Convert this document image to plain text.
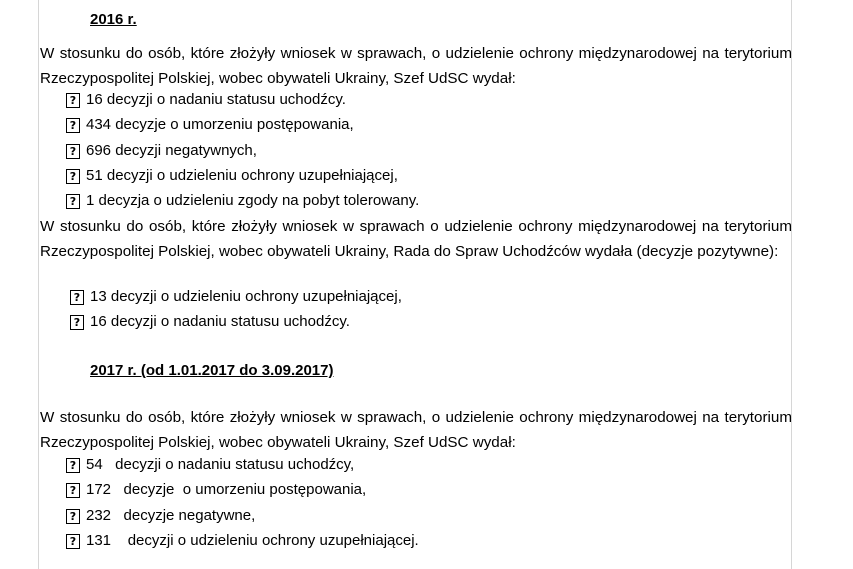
2016 r.
W stosunku do osób, które złożyły wniosek w sprawach, o udzielenie ochrony międzynarodowej na terytorium Rzeczypospolitej Polskiej, wobec obywateli Ukrainy, Szef UdSC wydał:
? 16 decyzji o nadaniu statusu uchodźcy.
? 434 decyzje o umorzeniu postępowania,
? 696 decyzji negatywnych,
? 51 decyzji o udzieleniu ochrony uzupełniającej,
? 1 decyzja o udzieleniu zgody na pobyt tolerowany.
W stosunku do osób, które złożyły wniosek w sprawach o udzielenie ochrony międzynarodowej na terytorium Rzeczypospolitej Polskiej, wobec obywateli Ukrainy, Rada do Spraw Uchodźców wydała (decyzje pozytywne):
? 13 decyzji o udzieleniu ochrony uzupełniającej,
? 16 decyzji o nadaniu statusu uchodźcy.
2017 r. (od 1.01.2017 do 3.09.2017)
W stosunku do osób, które złożyły wniosek w sprawach, o udzielenie ochrony międzynarodowej na terytorium Rzeczypospolitej Polskiej, wobec obywateli Ukrainy, Szef UdSC wydał:
? 54   decyzji o nadaniu statusu uchodźcy,
? 172   decyzje  o umorzeniu postępowania,
? 232   decyzje negatywne,
? 131    decyzji o udzieleniu ochrony uzupełniającej.
